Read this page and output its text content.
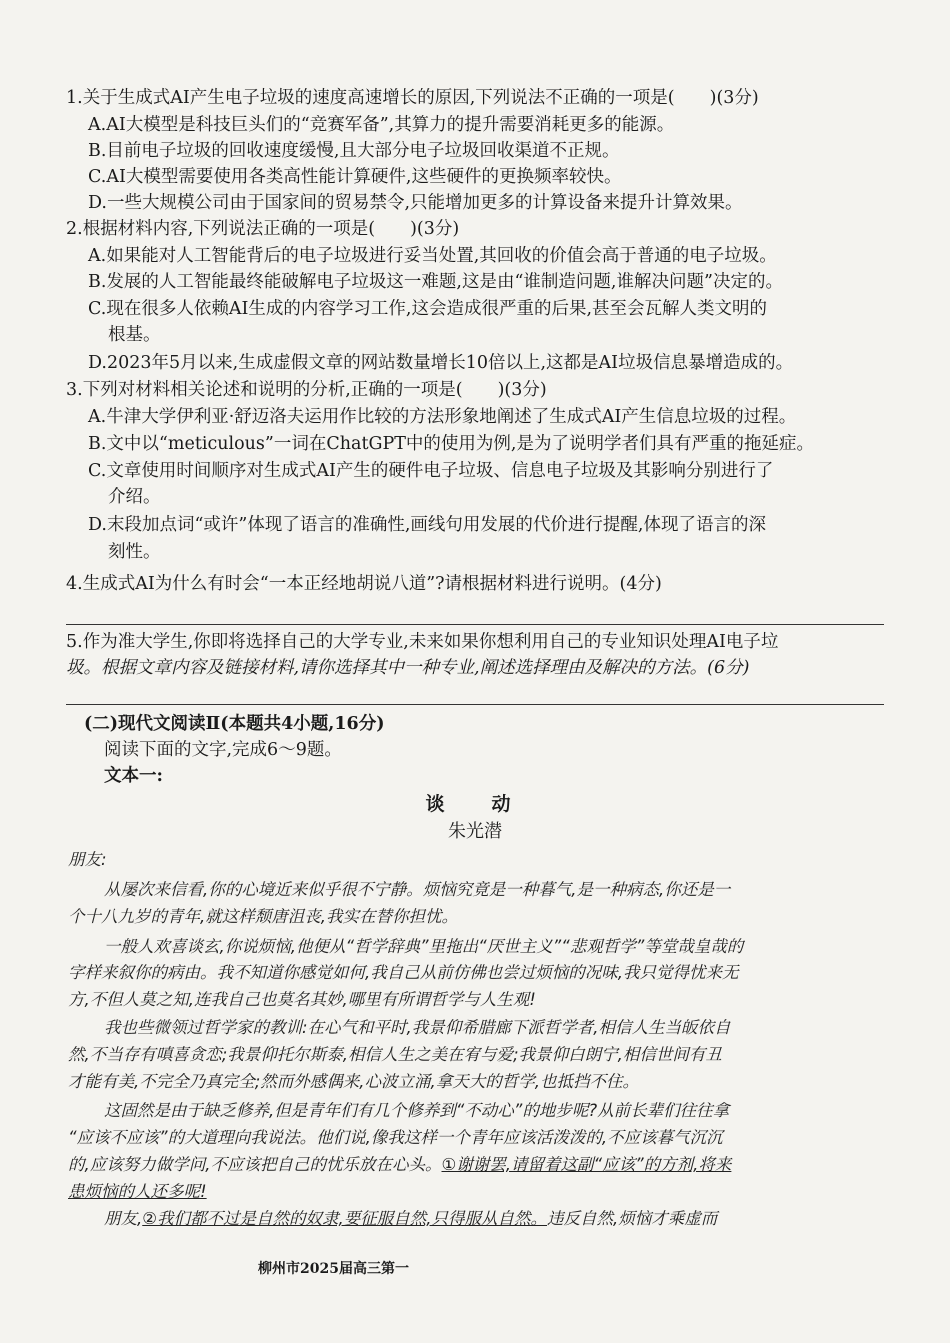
1.关于生成式AI产生电子垃圾的速度高速增长的原因,下列说法不正确的一项是(　　)(3分)
A.AI大模型是科技巨头们的“竞赛军备”,其算力的提升需要消耗更多的能源。
B.目前电子垃圾的回收速度缓慢,且大部分电子垃圾回收渠道不正规。
C.AI大模型需要使用各类高性能计算硬件,这些硬件的更换频率较快。
D.一些大规模公司由于国家间的贸易禁令,只能增加更多的计算设备来提升计算效果。
2.根据材料内容,下列说法正确的一项是(　　)(3分)
A.如果能对人工智能背后的电子垃圾进行妥当处置,其回收的价值会高于普通的电子垃圾。
B.发展的人工智能最终能破解电子垃圾这一难题,这是由“谁制造问题,谁解决问题”决定的。
C.现在很多人依赖AI生成的内容学习工作,这会造成很严重的后果,甚至会瓦解人类文明的
根基。
D.2023年5月以来,生成虚假文章的网站数量增长10倍以上,这都是AI垃圾信息暴增造成的。
3.下列对材料相关论述和说明的分析,正确的一项是(　　)(3分)
A.牛津大学伊利亚·舒迈洛夫运用作比较的方法形象地阐述了生成式AI产生信息垃圾的过程。
B.文中以“meticulous”一词在ChatGPT中的使用为例,是为了说明学者们具有严重的拖延症。
C.文章使用时间顺序对生成式AI产生的硬件电子垃圾、信息电子垃圾及其影响分别进行了
介绍。
D.末段加点词“或许”体现了语言的准确性,画线句用发展的代价进行提醒,体现了语言的深
刻性。
4.生成式AI为什么有时会“一本正经地胡说八道”?请根据材料进行说明。(4分)
5.作为准大学生,你即将选择自己的大学专业,未来如果你想利用自己的专业知识处理AI电子垃
圾。根据文章内容及链接材料,请你选择其中一种专业,阐述选择理由及解决的方法。(6分)
(二)现代文阅读Ⅱ(本题共4小题,16分)
阅读下面的文字,完成6～9题。
文本一:
谈　动
朱光潜
朋友:
从屡次来信看,你的心境近来似乎很不宁静。烦恼究竟是一种暮气,是一种病态,你还是一
个十八九岁的青年,就这样颓唐沮丧,我实在替你担忧。
一般人欢喜谈玄,你说烦恼,他便从“哲学辞典”里拖出“厌世主义”“悲观哲学”等堂哉皇哉的
字样来叙你的病由。我不知道你感觉如何,我自己从前仿佛也尝过烦恼的况味,我只觉得忧来无
方,不但人莫之知,连我自己也莫名其妙,哪里有所谓哲学与人生观!
我也些微领过哲学家的教训:在心气和平时,我景仰希腊廊下派哲学者,相信人生当皈依自
然,不当存有嗔喜贪恋;我景仰托尔斯泰,相信人生之美在宥与爱;我景仰白朗宁,相信世间有丑
才能有美,不完全乃真完全;然而外感偶来,心波立涌,拿天大的哲学,也抵挡不住。
这固然是由于缺乏修养,但是青年们有几个修养到“不动心”的地步呢?从前长辈们往往拿
“应该不应该”的大道理向我说法。他们说,像我这样一个青年应该活泼泼的,不应该暮气沉沉
的,应该努力做学问,不应该把自己的忧乐放在心头。①谢谢罢,请留着这副“应该”的方剂,将来
患烦恼的人还多呢!
朋友,②我们都不过是自然的奴隶,要征服自然,只得服从自然。违反自然,烦恼才乘虚而
柳州市2025届高三第一
